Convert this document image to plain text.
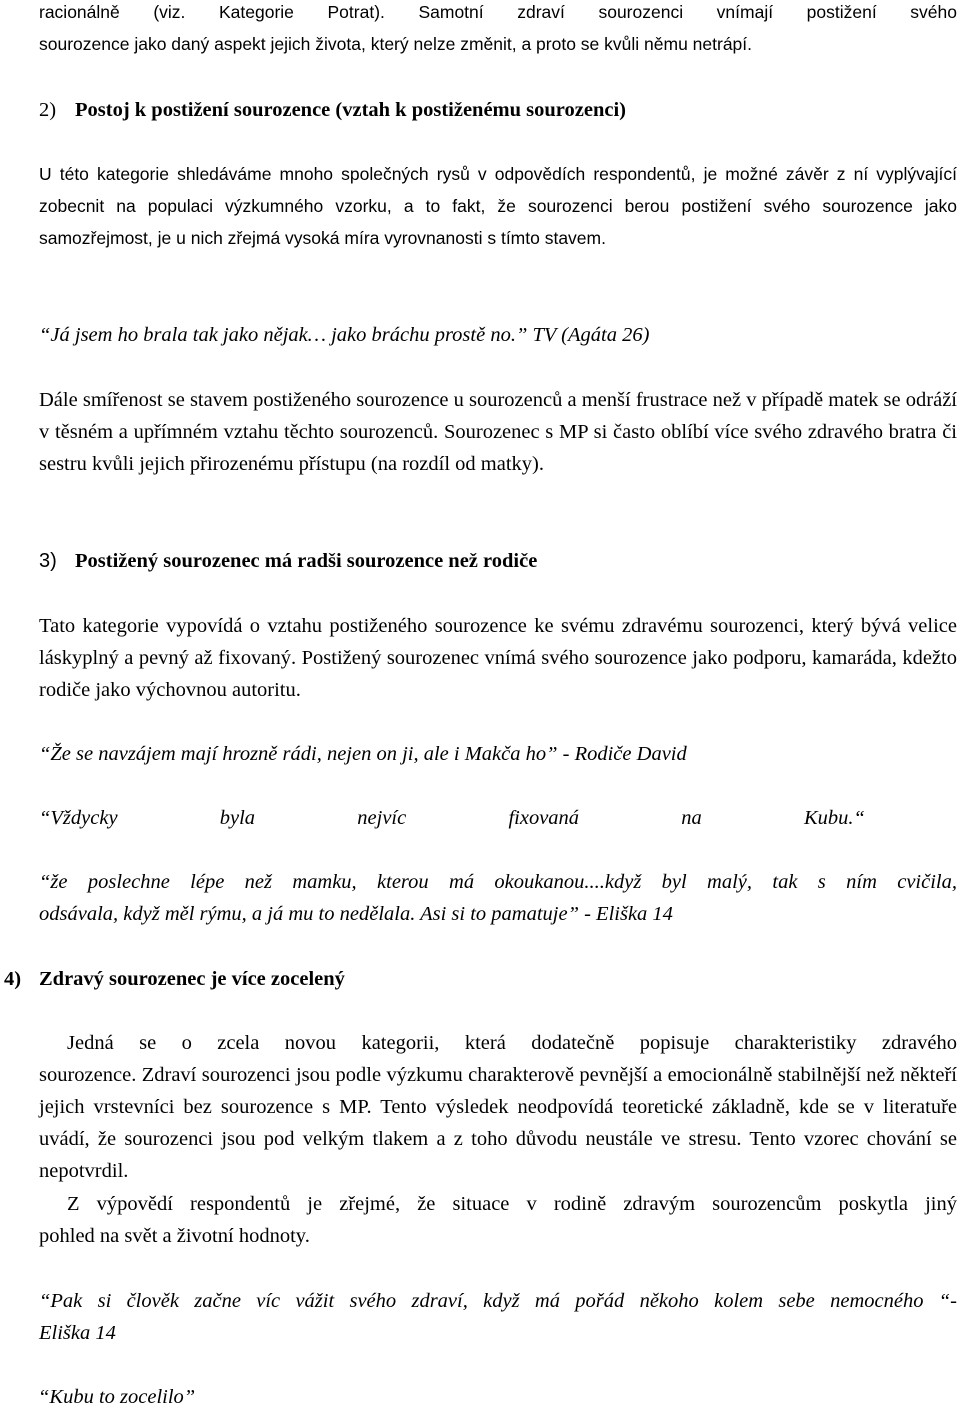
racionálně (viz. Kategorie Potrat). Samotní zdraví sourozenci vnímají postižení svého
sourozence jako daný aspekt jejich života, který nelze změnit, a proto se kvůli němu netrápí.
2) Postoj k postižení sourozence (vztah k postiženému sourozenci)

U této kategorie shledáváme mnoho společných rysů v odpovědích respondentů, je možné závěr z ní vyplývající zobecnit na populaci výzkumného vzorku, a to fakt, že sourozenci berou postižení svého sourozence jako samozřejmost, je u nich zřejmá vysoká míra vyrovnanosti s tímto stavem.

“Já jsem ho brala tak jako nějak… jako bráchu prostě no.” TV (Agáta 26)

Dále smířenost se stavem postiženého sourozence u sourozenců a menší frustrace než v případě matek se odráží v těsném a upřímném vztahu těchto sourozenců. Sourozenec s MP si často oblíbí více svého zdravého bratra či sestru kvůli jejich přirozenému přístupu (na rozdíl od matky).

3) Postižený sourozenec má radši sourozence než rodiče

Tato kategorie vypovídá o vztahu postiženého sourozence ke svému zdravému sourozenci, který bývá velice láskyplný a pevný až fixovaný. Postižený sourozenec vnímá svého sourozence jako podporu, kamaráda, kdežto rodiče jako výchovnou autoritu.

“Že se navzájem mají hrozně rádi, nejen on ji, ale i Makča ho” - Rodiče David

“Vždycky	byla	nejvíc	fixovaná	na	Kubu.“
“že poslechne lépe než mamku, kterou má okoukanou....když byl malý, tak s ním cvičila,
odsávala, když měl rýmu, a já mu to nedělala. Asi si to pamatuje” - Eliška 14
4) Zdravý sourozenec je více zocelený
Jedná se o zcela novou kategorii, která dodatečně popisuje charakteristiky zdravého
sourozence. Zdraví sourozenci jsou podle výzkumu charakterově pevnější a emocionálně stabilnější než někteří jejich vrstevníci bez sourozence s MP. Tento výsledek neodpovídá teoretické základně, kde se v literatuře uvádí, že sourozenci jsou pod velkým tlakem a z toho důvodu neustále ve stresu. Tento vzorec chování se nepotvrdil.
Z výpovědí respondentů je zřejmé, že situace v rodině zdravým sourozencům poskytla jiný
pohled na svět a životní hodnoty.
“Pak si člověk začne víc vážit svého zdraví, když má pořád někoho kolem sebe nemocného “-
Eliška 14

“Kubu to zocelilo”
